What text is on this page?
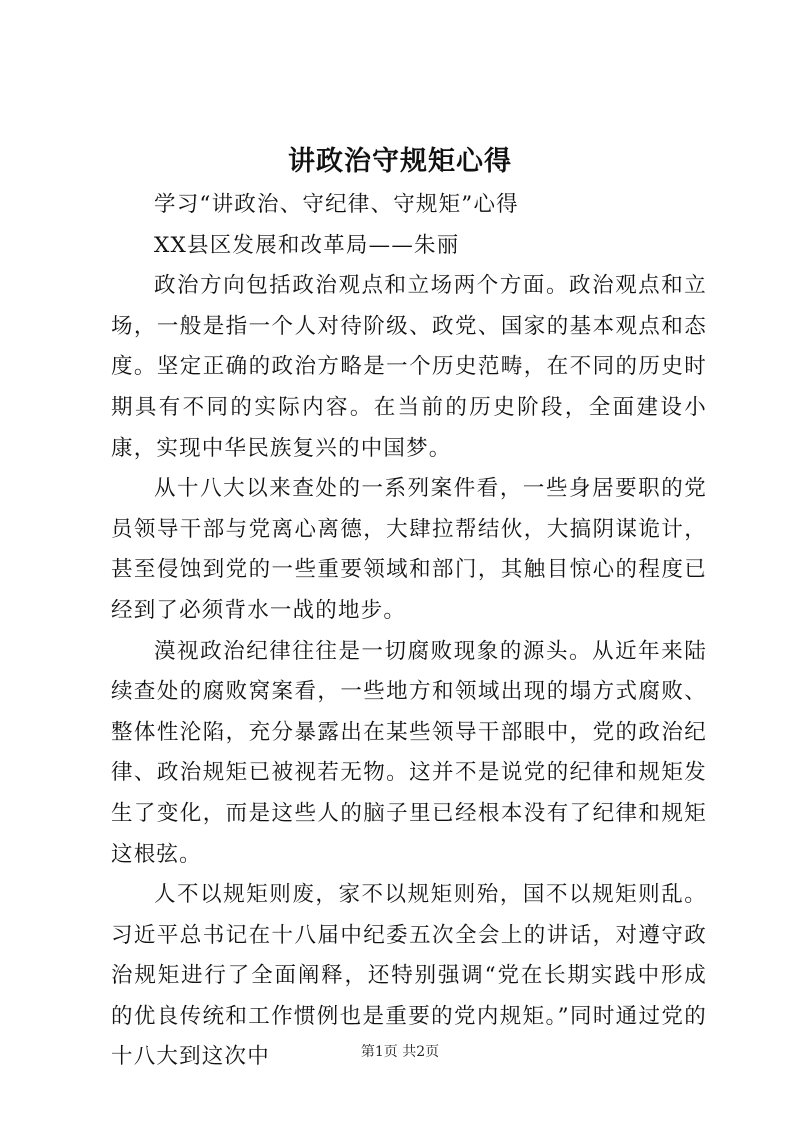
讲政治守规矩心得

学习“讲政治、守纪律、守规矩”心得

XX县区发展和改革局——朱丽

政治方向包括政治观点和立场两个方面。政治观点和立场，一般是指一个人对待阶级、政党、国家的基本观点和态度。坚定正确的政治方略是一个历史范畴，在不同的历史时期具有不同的实际内容。在当前的历史阶段，全面建设小康，实现中华民族复兴的中国梦。

从十八大以来查处的一系列案件看，一些身居要职的党员领导干部与党离心离德，大肆拉帮结伙，大搞阴谋诡计，甚至侵蚀到党的一些重要领域和部门，其触目惊心的程度已经到了必须背水一战的地步。

漠视政治纪律往往是一切腐败现象的源头。从近年来陆续查处的腐败窝案看，一些地方和领域出现的塌方式腐败、整体性沦陷，充分暴露出在某些领导干部眼中，党的政治纪律、政治规矩已被视若无物。这并不是说党的纪律和规矩发生了变化，而是这些人的脑子里已经根本没有了纪律和规矩这根弦。

人不以规矩则废，家不以规矩则殆，国不以规矩则乱。习近平总书记在十八届中纪委五次全会上的讲话，对遵守政治规矩进行了全面阐释，还特别强调“党在长期实践中形成的优良传统和工作惯例也是重要的党内规矩。”同时通过党的十八大到这次中	第1页 共2页
